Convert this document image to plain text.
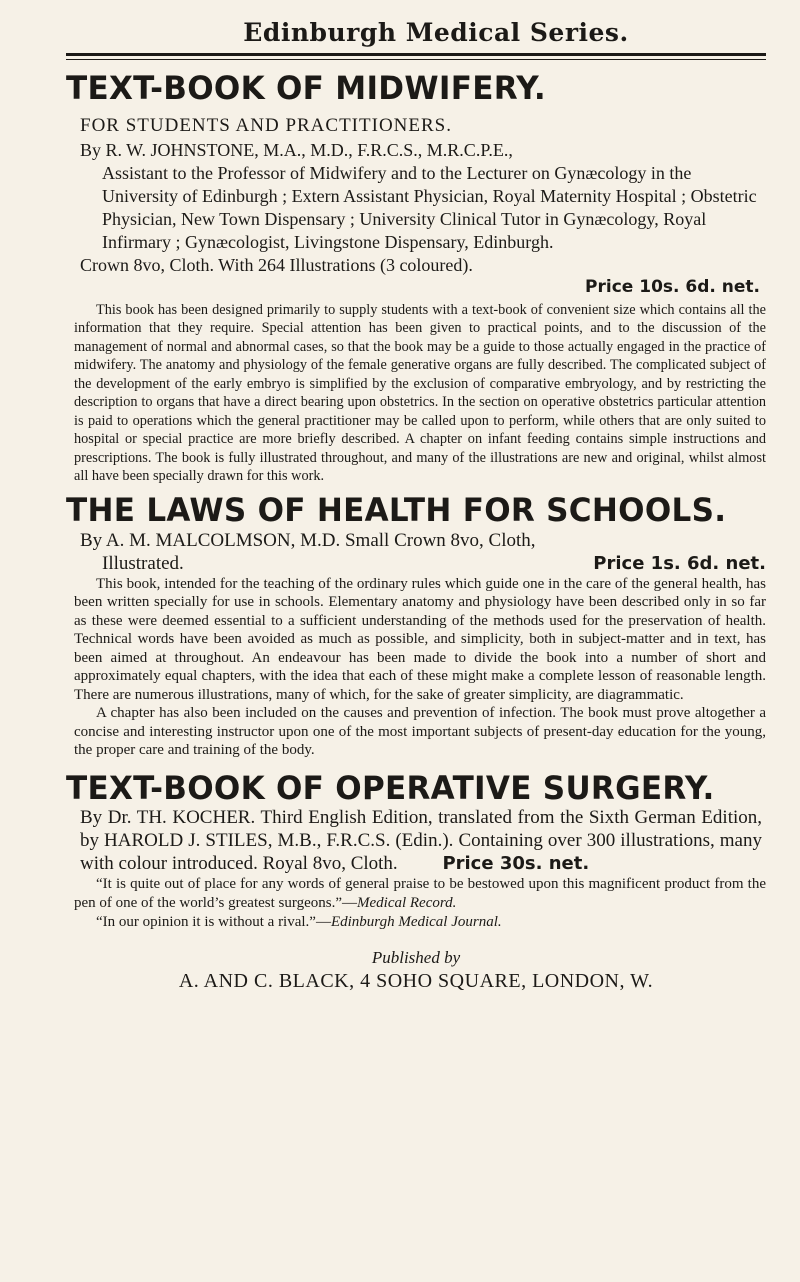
Edinburgh Medical Series.
TEXT-BOOK OF MIDWIFERY.
FOR STUDENTS AND PRACTITIONERS.

By R. W. JOHNSTONE, M.A., M.D., F.R.C.S., M.R.C.P.E.,
Assistant to the Professor of Midwifery and to the Lecturer on Gynæcology in the University of Edinburgh ; Extern Assistant Physician, Royal Maternity Hospital ; Obstetric Physician, New Town Dispensary ; University Clinical Tutor in Gynæcology, Royal Infirmary ; Gynæcologist, Livingstone Dispensary, Edinburgh.

Crown 8vo, Cloth. With 264 Illustrations (3 coloured).

Price 10s. 6d. net.

This book has been designed primarily to supply students with a text-book of convenient size which contains all the information that they require. Special attention has been given to practical points, and to the discussion of the management of normal and abnormal cases, so that the book may be a guide to those actually engaged in the practice of midwifery. The anatomy and physiology of the female generative organs are fully described. The complicated subject of the development of the early embryo is simplified by the exclusion of comparative embryology, and by restricting the description to organs that have a direct bearing upon obstetrics. In the section on operative obstetrics particular attention is paid to operations which the general practitioner may be called upon to perform, while others that are only suited to hospital or special practice are more briefly described. A chapter on infant feeding contains simple instructions and prescriptions. The book is fully illustrated throughout, and many of the illustrations are new and original, whilst almost all have been specially drawn for this work.

THE LAWS OF HEALTH FOR SCHOOLS.

By A. M. MALCOLMSON, M.D. Small Crown 8vo, Cloth,

Illustrated.	Price 1s. 6d. net.

This book, intended for the teaching of the ordinary rules which guide one in the care of the general health, has been written specially for use in schools. Elementary anatomy and physiology have been described only in so far as these were deemed essential to a sufficient understanding of the methods used for the preservation of health. Technical words have been avoided as much as possible, and simplicity, both in subject-matter and in text, has been aimed at throughout. An endeavour has been made to divide the book into a number of short and approximately equal chapters, with the idea that each of these might make a complete lesson of reasonable length. There are numerous illustrations, many of which, for the sake of greater simplicity, are diagrammatic.

A chapter has also been included on the causes and prevention of infection. The book must prove altogether a concise and interesting instructor upon one of the most important subjects of present-day education for the young, the proper care and training of the body.

TEXT-BOOK OF OPERATIVE SURGERY.

By Dr. TH. KOCHER. Third English Edition, translated from the Sixth German Edition, by HAROLD J. STILES, M.B., F.R.C.S. (Edin.). Containing over 300 illustrations, many with colour introduced. Royal 8vo, Cloth. Price 30s. net.

“It is quite out of place for any words of general praise to be bestowed upon this magnificent product from the pen of one of the world’s greatest surgeons.”—Medical Record.

“In our opinion it is without a rival.”—Edinburgh Medical Journal.

Published by
A. AND C. BLACK, 4 SOHO SQUARE, LONDON, W.
